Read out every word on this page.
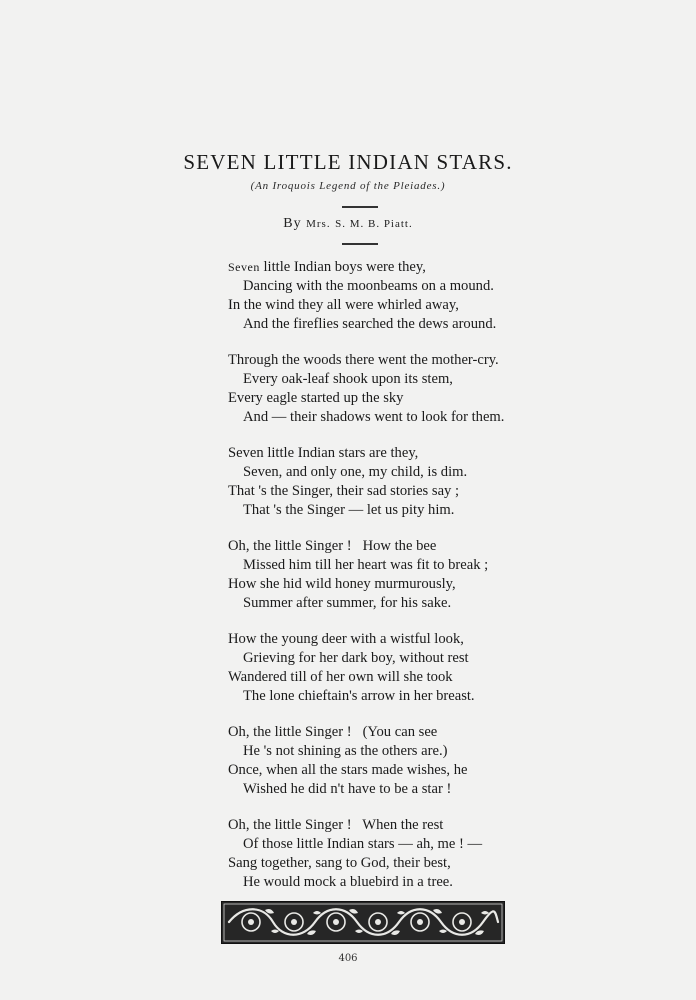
SEVEN LITTLE INDIAN STARS.
(An Iroquois Legend of the Pleiades.)
By Mrs. S. M. B. Piatt.
Seven little Indian boys were they,
Dancing with the moonbeams on a mound.
In the wind they all were whirled away,
And the fireflies searched the dews around.
Through the woods there went the mother-cry.
Every oak-leaf shook upon its stem,
Every eagle started up the sky
And — their shadows went to look for them.
Seven little Indian stars are they,
Seven, and only one, my child, is dim.
That 's the Singer, their sad stories say ;
That 's the Singer — let us pity him.
Oh, the little Singer !   How the bee
Missed him till her heart was fit to break ;
How she hid wild honey murmurously,
Summer after summer, for his sake.
How the young deer with a wistful look,
Grieving for her dark boy, without rest
Wandered till of her own will she took
The lone chieftain's arrow in her breast.
Oh, the little Singer !   (You can see
He 's not shining as the others are.)
Once, when all the stars made wishes, he
Wished he did n't have to be a star !
Oh, the little Singer !   When the rest
Of those little Indian stars — ah, me ! —
Sang together, sang to God, their best,
He would mock a bluebird in a tree.
406
